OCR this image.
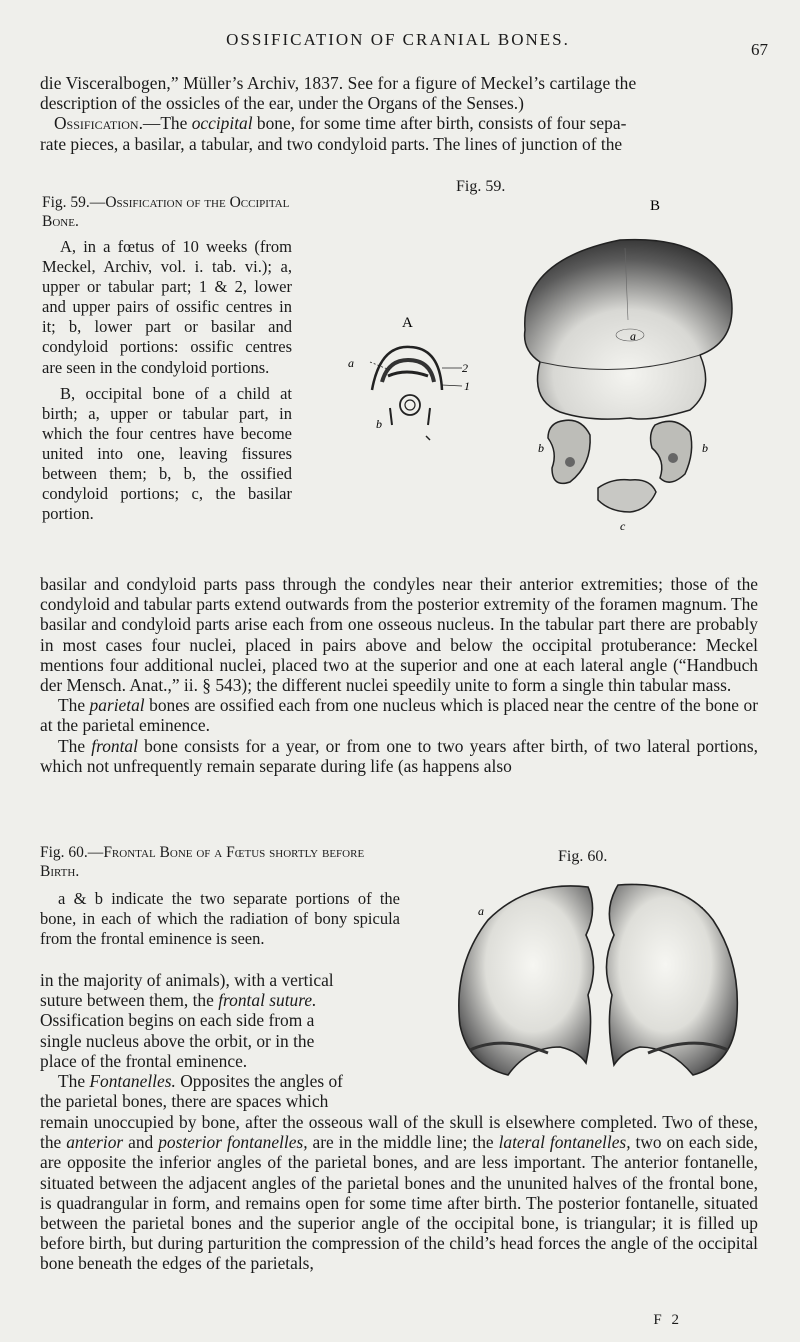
OSSIFICATION OF CRANIAL BONES.
67

die Visceralbogen,” Müller’s Archiv, 1837. See for a figure of Meckel’s cartilage the

description of the ossicles of the ear, under the Organs of the Senses.)

Ossification.—The occipital bone, for some time after birth, consists of four sepa-

rate pieces, a basilar, a tabular, and two condyloid parts. The lines of junction of the

Fig. 59.—Ossification of the Occipital Bone.

A, in a fœtus of 10 weeks (from Meckel, Archiv, vol. i. tab. vi.); a, upper or tabular part; 1 & 2, lower and upper pairs of ossific centres in it; b, lower part or basilar and condyloid portions: ossific centres are seen in the condyloid portions.

B, occipital bone of a child at birth; a, upper or tabular part, in which the four centres have become united into one, leaving fissures between them; b, b, the ossified condyloid portions; c, the basilar portion.

Fig. 59.
B
A
a	2
1
b
a
b	b
c

basilar and condyloid parts pass through the condyles near their anterior extremities; those of the condyloid and tabular parts extend outwards from the posterior extremity of the foramen magnum. The basilar and condyloid parts arise each from one osseous nucleus. In the tabular part there are probably in most cases four nuclei, placed in pairs above and below the occipital protuberance: Meckel mentions four additional nuclei, placed two at the superior and one at each lateral angle (“Handbuch der Mensch. Anat.,” ii. § 543); the different nuclei speedily unite to form a single thin tabular mass.

The parietal bones are ossified each from one nucleus which is placed near the centre of the bone or at the parietal eminence.

The frontal bone consists for a year, or from one to two years after birth, of two lateral portions, which not unfrequently remain separate during life (as happens also

Fig. 60.—Frontal Bone of a Fœtus shortly before Birth.

a & b indicate the two separate portions of the bone, in each of which the radiation of bony spicula from the frontal eminence is seen.

Fig. 60.
a

in the majority of animals), with a vertical

suture between them, the frontal suture.

Ossification begins on each side from a

single nucleus above the orbit, or in the

place of the frontal eminence.

The Fontanelles. Opposites the angles of

the parietal bones, there are spaces which

remain unoccupied by bone, after the osseous wall of the skull is elsewhere completed. Two of these, the anterior and posterior fontanelles, are in the middle line; the lateral fontanelles, two on each side, are opposite the inferior angles of the parietal bones, and are less important. The anterior fontanelle, situated between the adjacent angles of the parietal bones and the ununited halves of the frontal bone, is quadrangular in form, and remains open for some time after birth. The posterior fontanelle, situated between the parietal bones and the superior angle of the occipital bone, is triangular; it is filled up before birth, but during parturition the compression of the child’s head forces the angle of the occipital bone beneath the edges of the parietals,

F 2
